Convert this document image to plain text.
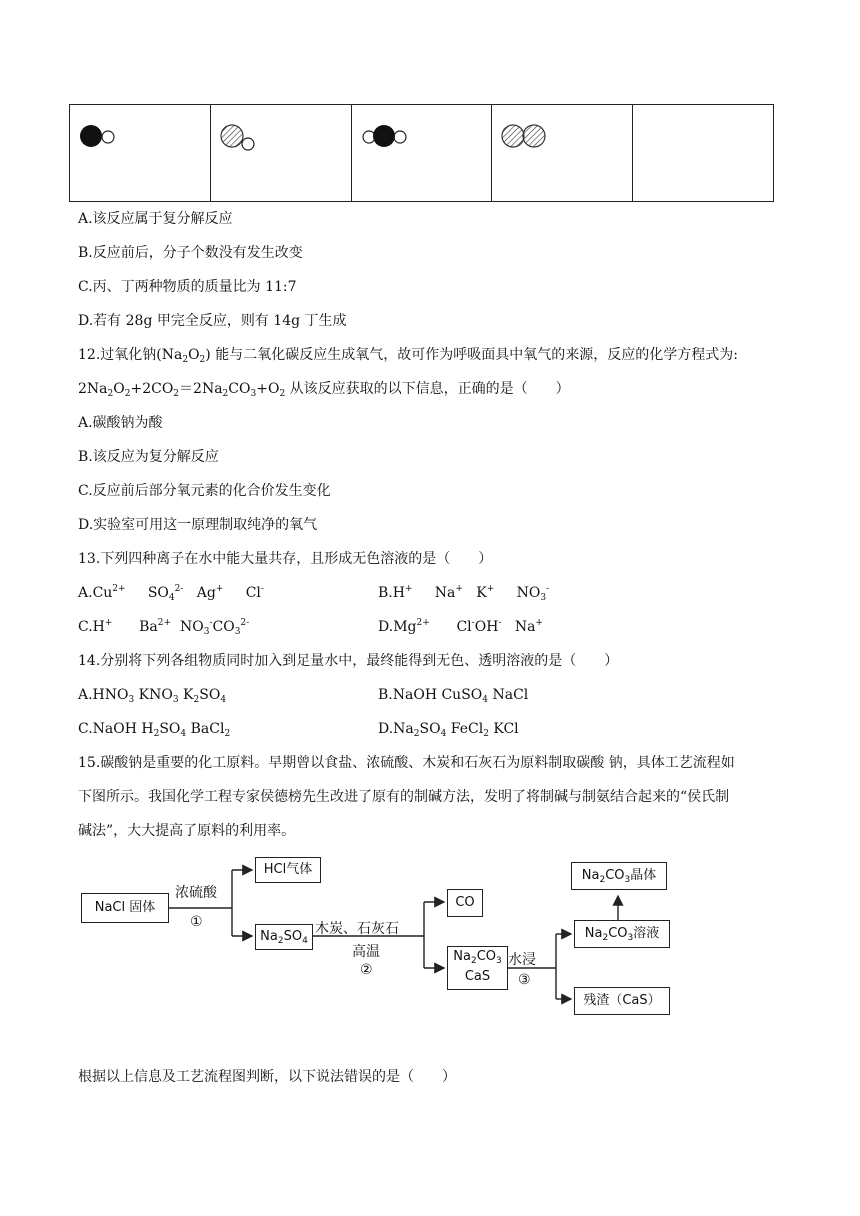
A.该反应属于复分解反应
B.反应前后，分子个数没有发生改变
C.丙、丁两种物质的质量比为 11:7
D.若有 28g 甲完全反应，则有 14g 丁生成
12.过氧化钠$(Na_2O_2)$ 能与二氧化碳反应生成氧气，故可作为呼吸面具中氧气的来源，反应的化学方程式为:
$2Na_2O_2+2CO_2=2Na_2CO_3+O_2$ 从该反应获取的以下信息，正确的是（　　）
A.碳酸钠为酸
B.该反应为复分解反应
C.反应前后部分氧元素的化合价发生变化
D.实验室可用这一原理制取纯净的氧气
13.下列四种离子在水中能大量共存，且形成无色溶液的是（　　）
$A.Cu^{2+}$ $SO_4^{2-}$ Ag+ Cl-	B.H+ Na+ K+ $NO_3^-$
C.H+ $Ba^{2+}$ $NO_3^-CO_3^{2-}$	$D.Mg^{2+}$ Cl-OH- Na+
14.分别将下列各组物质同时加入到足量水中，最终能得到无色、透明溶液的是（　　）
$A.HNO_3$ $KNO_3$ $K_2SO_4$	B.NaOH CuSO$_4$ NaCl
C.NaOH $H_2SO_4$ BaCl$_2$	$D.Na_2SO_4$ FeCl$_2$ KCl
15.碳酸钠是重要的化工原料。早期曾以食盐、浓硫酸、木炭和石灰石为原料制取碳酸 钠，具体工艺流程如
下图所示。我国化学工程专家侯德榜先生改进了原有的制碱方法，发明了将制碱与制氨结合起来的“侯氏制
碱法”，大大提高了原料的利用率。
NaCl 固体
浓硫酸
①
HCl气体
$Na_2SO_4$
木炭、石灰石
高温
②
CO
$Na_2CO_3$
CaS
水浸
③
$Na_2CO_3$晶体
$Na_2CO_3$溶液
残渣（CaS）
根据以上信息及工艺流程图判断，以下说法错误的是（　　）
